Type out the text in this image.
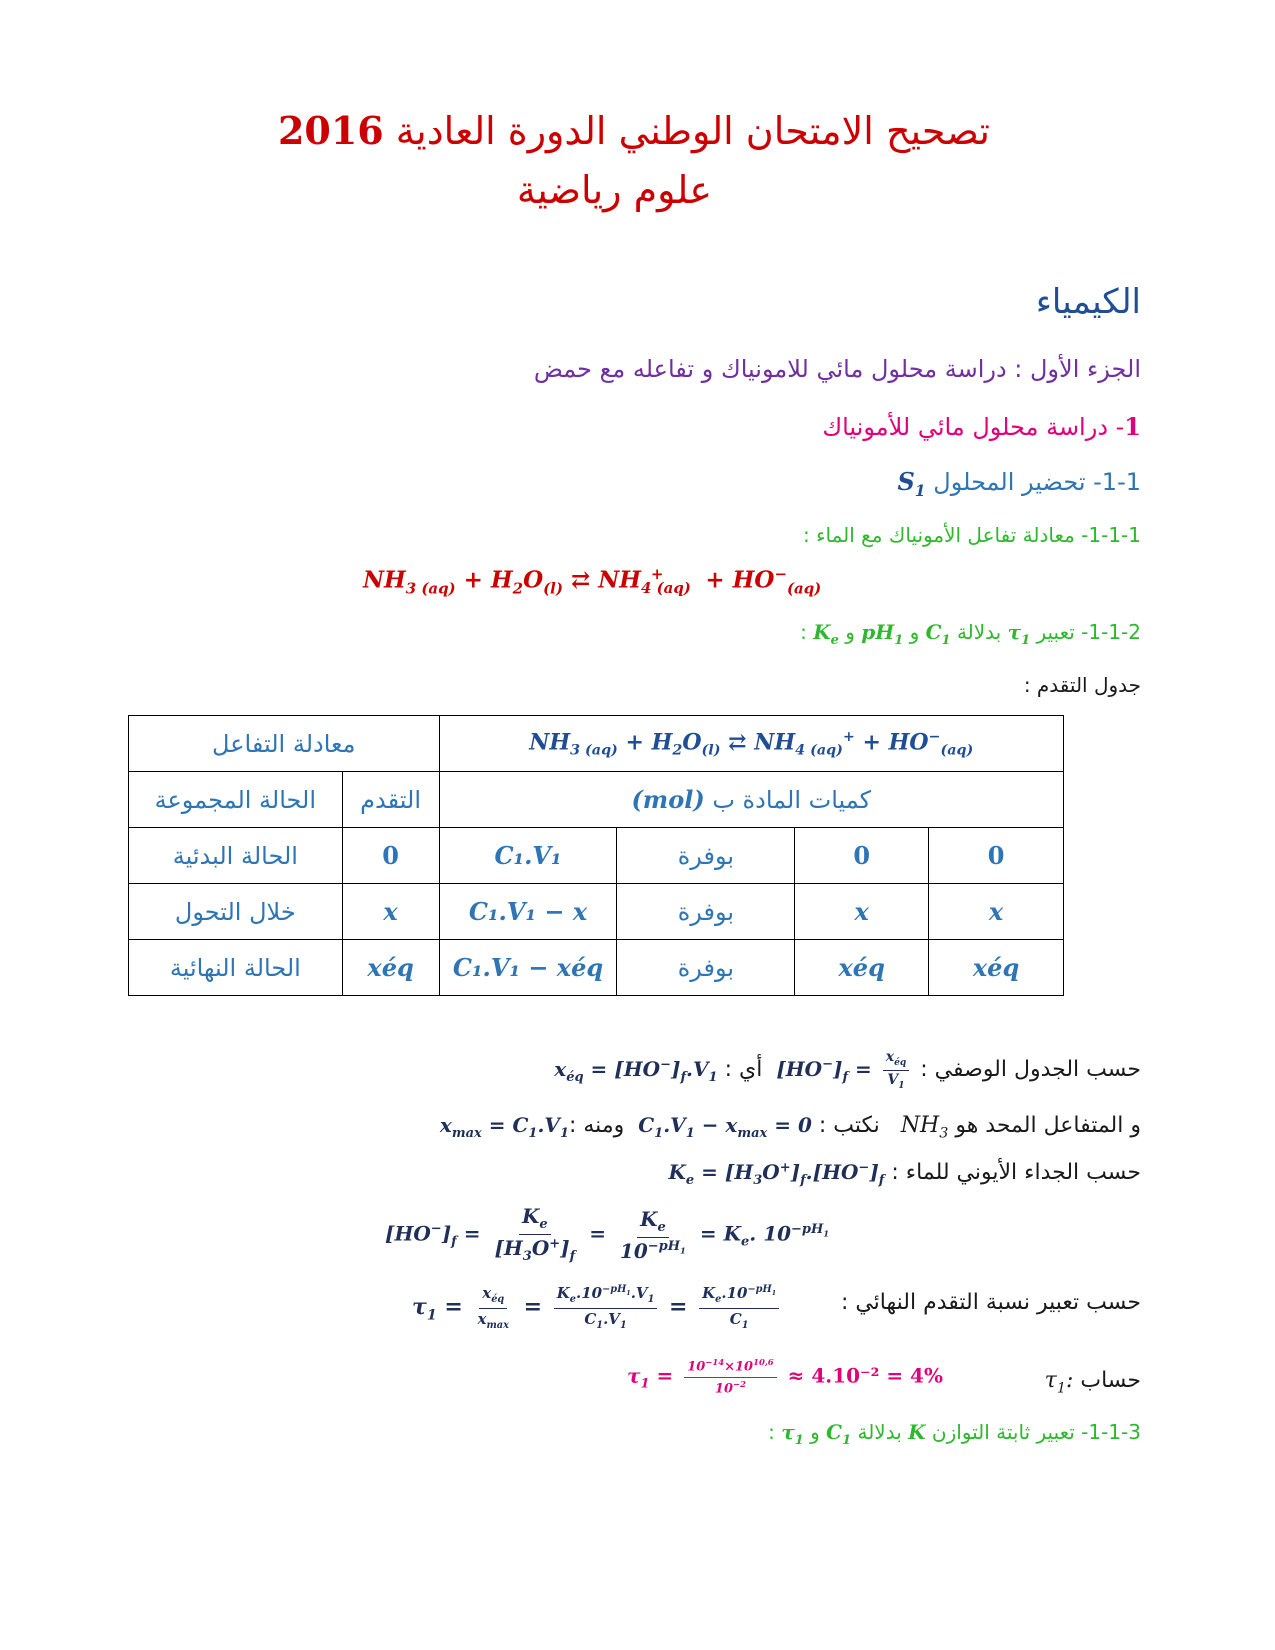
تصحيح الامتحان الوطني الدورة العادية 2016
علوم رياضية
الكيمياء
الجزء الأول : دراسة محلول مائي للامونياك و تفاعله مع حمض
1- دراسة محلول مائي للأمونياك
1-1- تحضير المحلول $S_1$
1-1-1- معادلة تفاعل الأمونياك مع الماء :
$NH_{3 (aq)} + H_2O_{(l)}$ ⇄ $NH_{4 (aq)}^+ + HO^-_{(aq)}$
1-1-2- تعبير $\tau_1$ بدلالة $C_1$ و $pH_1$ و $K_e$ :
جدول التقدم :
معادلة التفاعل		$NH_{3 (aq)} + H_2O_{(l)}$ ⇄ $NH_{4 (aq)}^+ + HO^-_{(aq)}$
الحالة المجموعة	التقدم	كميات المادة ب (mol)			
الحالة البدئية	0	C₁.V₁	بوفرة	0	0
خلال التحول	x	C₁.V₁ − x	بوفرة	x	x
الحالة النهائية	xéq	C₁.V₁ − xéq	بوفرة	xéq	xéq
حسب الجدول الوصفي : $[HO^-]_f = \frac{x_{éq}}{V_1}$
أي : $x_{éq} = [HO^-]_f.V_1$
و المتفاعل المحد هو $NH_3$   نكتب : $C_1.V_1 - x_{max} = 0$  ومنه $:x_{max} = C_1.V_1$
حسب الجداء الأيوني للماء : $K_e = [H_3O^+]_f.[HO^-]_f$
$[HO^-]_f = \frac{K_e}{[H_3O^+]_f} = \frac{K_e}{10^{-pH_1}} = K_e$. $10^{-pH_1}$
حسب تعبير نسبة التقدم النهائي :
$\tau_1 = \frac{x_{éq}}{x_{max}} = \frac{K_e.10^{-pH_1}.V_1}{C_1.V_1} = \frac{K_e.10^{-pH_1}}{C_1}$
حساب $\tau_1$:
$\tau_1 = \frac{10^{-14}\times 10^{10,6}}{10^{-2}} \approx 4.10^{-2} = 4\%$
1-1-3- تعبير ثابتة التوازن K بدلالة $C_1$ و $\tau_1$ :
